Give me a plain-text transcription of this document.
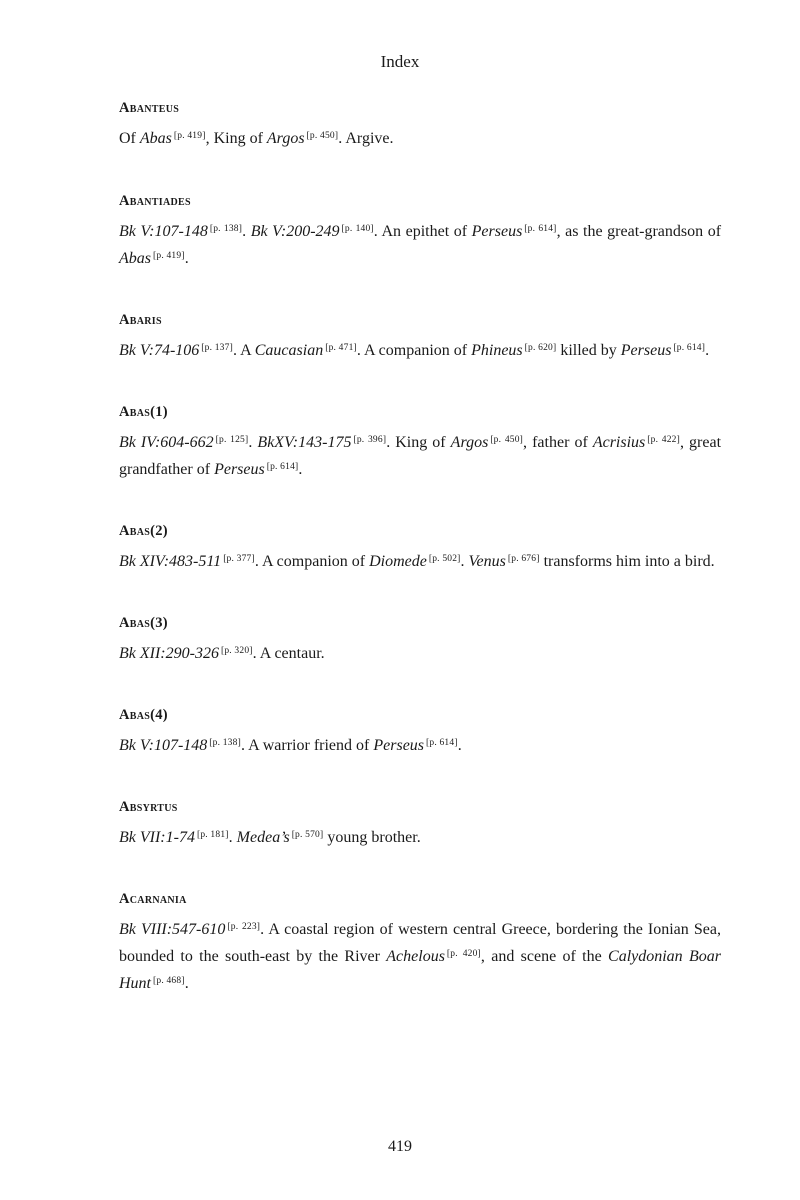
Index
Abanteus

Of Abas [p. 419], King of Argos [p. 450]. Argive.

Abantiades

Bk V:107-148 [p. 138]. Bk V:200-249 [p. 140]. An epithet of Perseus [p. 614], as the great-grandson of Abas [p. 419].

Abaris

Bk V:74-106 [p. 137]. A Caucasian [p. 471]. A companion of Phineus [p. 620] killed by Perseus [p. 614].

Abas(1)

Bk IV:604-662 [p. 125]. BkXV:143-175 [p. 396]. King of Argos [p. 450], father of Acrisius [p. 422], great grandfather of Perseus [p. 614].

Abas(2)

Bk XIV:483-511 [p. 377]. A companion of Diomede [p. 502]. Venus [p. 676] transforms him into a bird.

Abas(3)

Bk XII:290-326 [p. 320]. A centaur.

Abas(4)

Bk V:107-148 [p. 138]. A warrior friend of Perseus [p. 614].

Absyrtus

Bk VII:1-74 [p. 181]. Medea’s [p. 570] young brother.

Acarnania

Bk VIII:547-610 [p. 223]. A coastal region of western central Greece, bordering the Ionian Sea, bounded to the south-east by the River Achelous [p. 420], and scene of the Calydonian Boar Hunt [p. 468].

419
